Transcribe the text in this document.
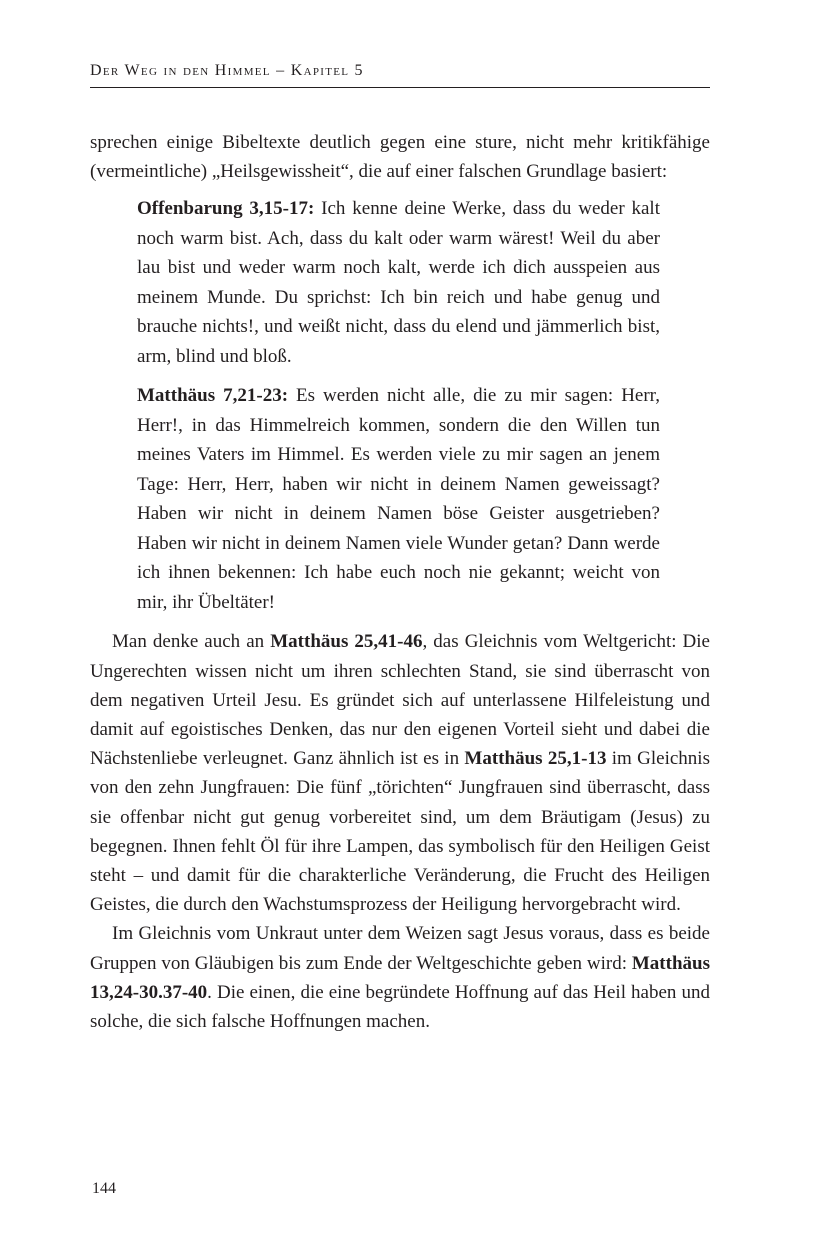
Der Weg in den Himmel – Kapitel 5

sprechen einige Bibeltexte deutlich gegen eine sture, nicht mehr kritikfähige (vermeintliche) „Heilsgewissheit“, die auf einer falschen Grundlage basiert:

Offenbarung 3,15-17: Ich kenne deine Werke, dass du weder kalt noch warm bist. Ach, dass du kalt oder warm wärest! Weil du aber lau bist und weder warm noch kalt, werde ich dich ausspeien aus meinem Munde. Du sprichst: Ich bin reich und habe genug und brauche nichts!, und weißt nicht, dass du elend und jämmerlich bist, arm, blind und bloß.

Matthäus 7,21-23: Es werden nicht alle, die zu mir sagen: Herr, Herr!, in das Himmelreich kommen, sondern die den Willen tun meines Vaters im Himmel. Es werden viele zu mir sagen an jenem Tage: Herr, Herr, haben wir nicht in deinem Namen geweissagt? Haben wir nicht in deinem Namen böse Geister ausgetrieben? Haben wir nicht in deinem Namen viele Wunder getan? Dann werde ich ihnen bekennen: Ich habe euch noch nie gekannt; weicht von mir, ihr Übeltäter!

Man denke auch an Matthäus 25,41-46, das Gleichnis vom Weltgericht: Die Ungerechten wissen nicht um ihren schlechten Stand, sie sind überrascht von dem negativen Urteil Jesu. Es gründet sich auf unterlassene Hilfeleistung und damit auf egoistisches Denken, das nur den eigenen Vorteil sieht und dabei die Nächstenliebe verleugnet. Ganz ähnlich ist es in Matthäus 25,1-13 im Gleichnis von den zehn Jungfrauen: Die fünf „törichten“ Jungfrauen sind überrascht, dass sie offenbar nicht gut genug vorbereitet sind, um dem Bräutigam (Jesus) zu begegnen. Ihnen fehlt Öl für ihre Lampen, das symbolisch für den Heiligen Geist steht – und damit für die charakterliche Veränderung, die Frucht des Heiligen Geistes, die durch den Wachstumsprozess der Heiligung hervorgebracht wird.

Im Gleichnis vom Unkraut unter dem Weizen sagt Jesus voraus, dass es beide Gruppen von Gläubigen bis zum Ende der Weltgeschichte geben wird: Matthäus 13,24-30.37-40. Die einen, die eine begründete Hoffnung auf das Heil haben und solche, die sich falsche Hoffnungen machen.

144
